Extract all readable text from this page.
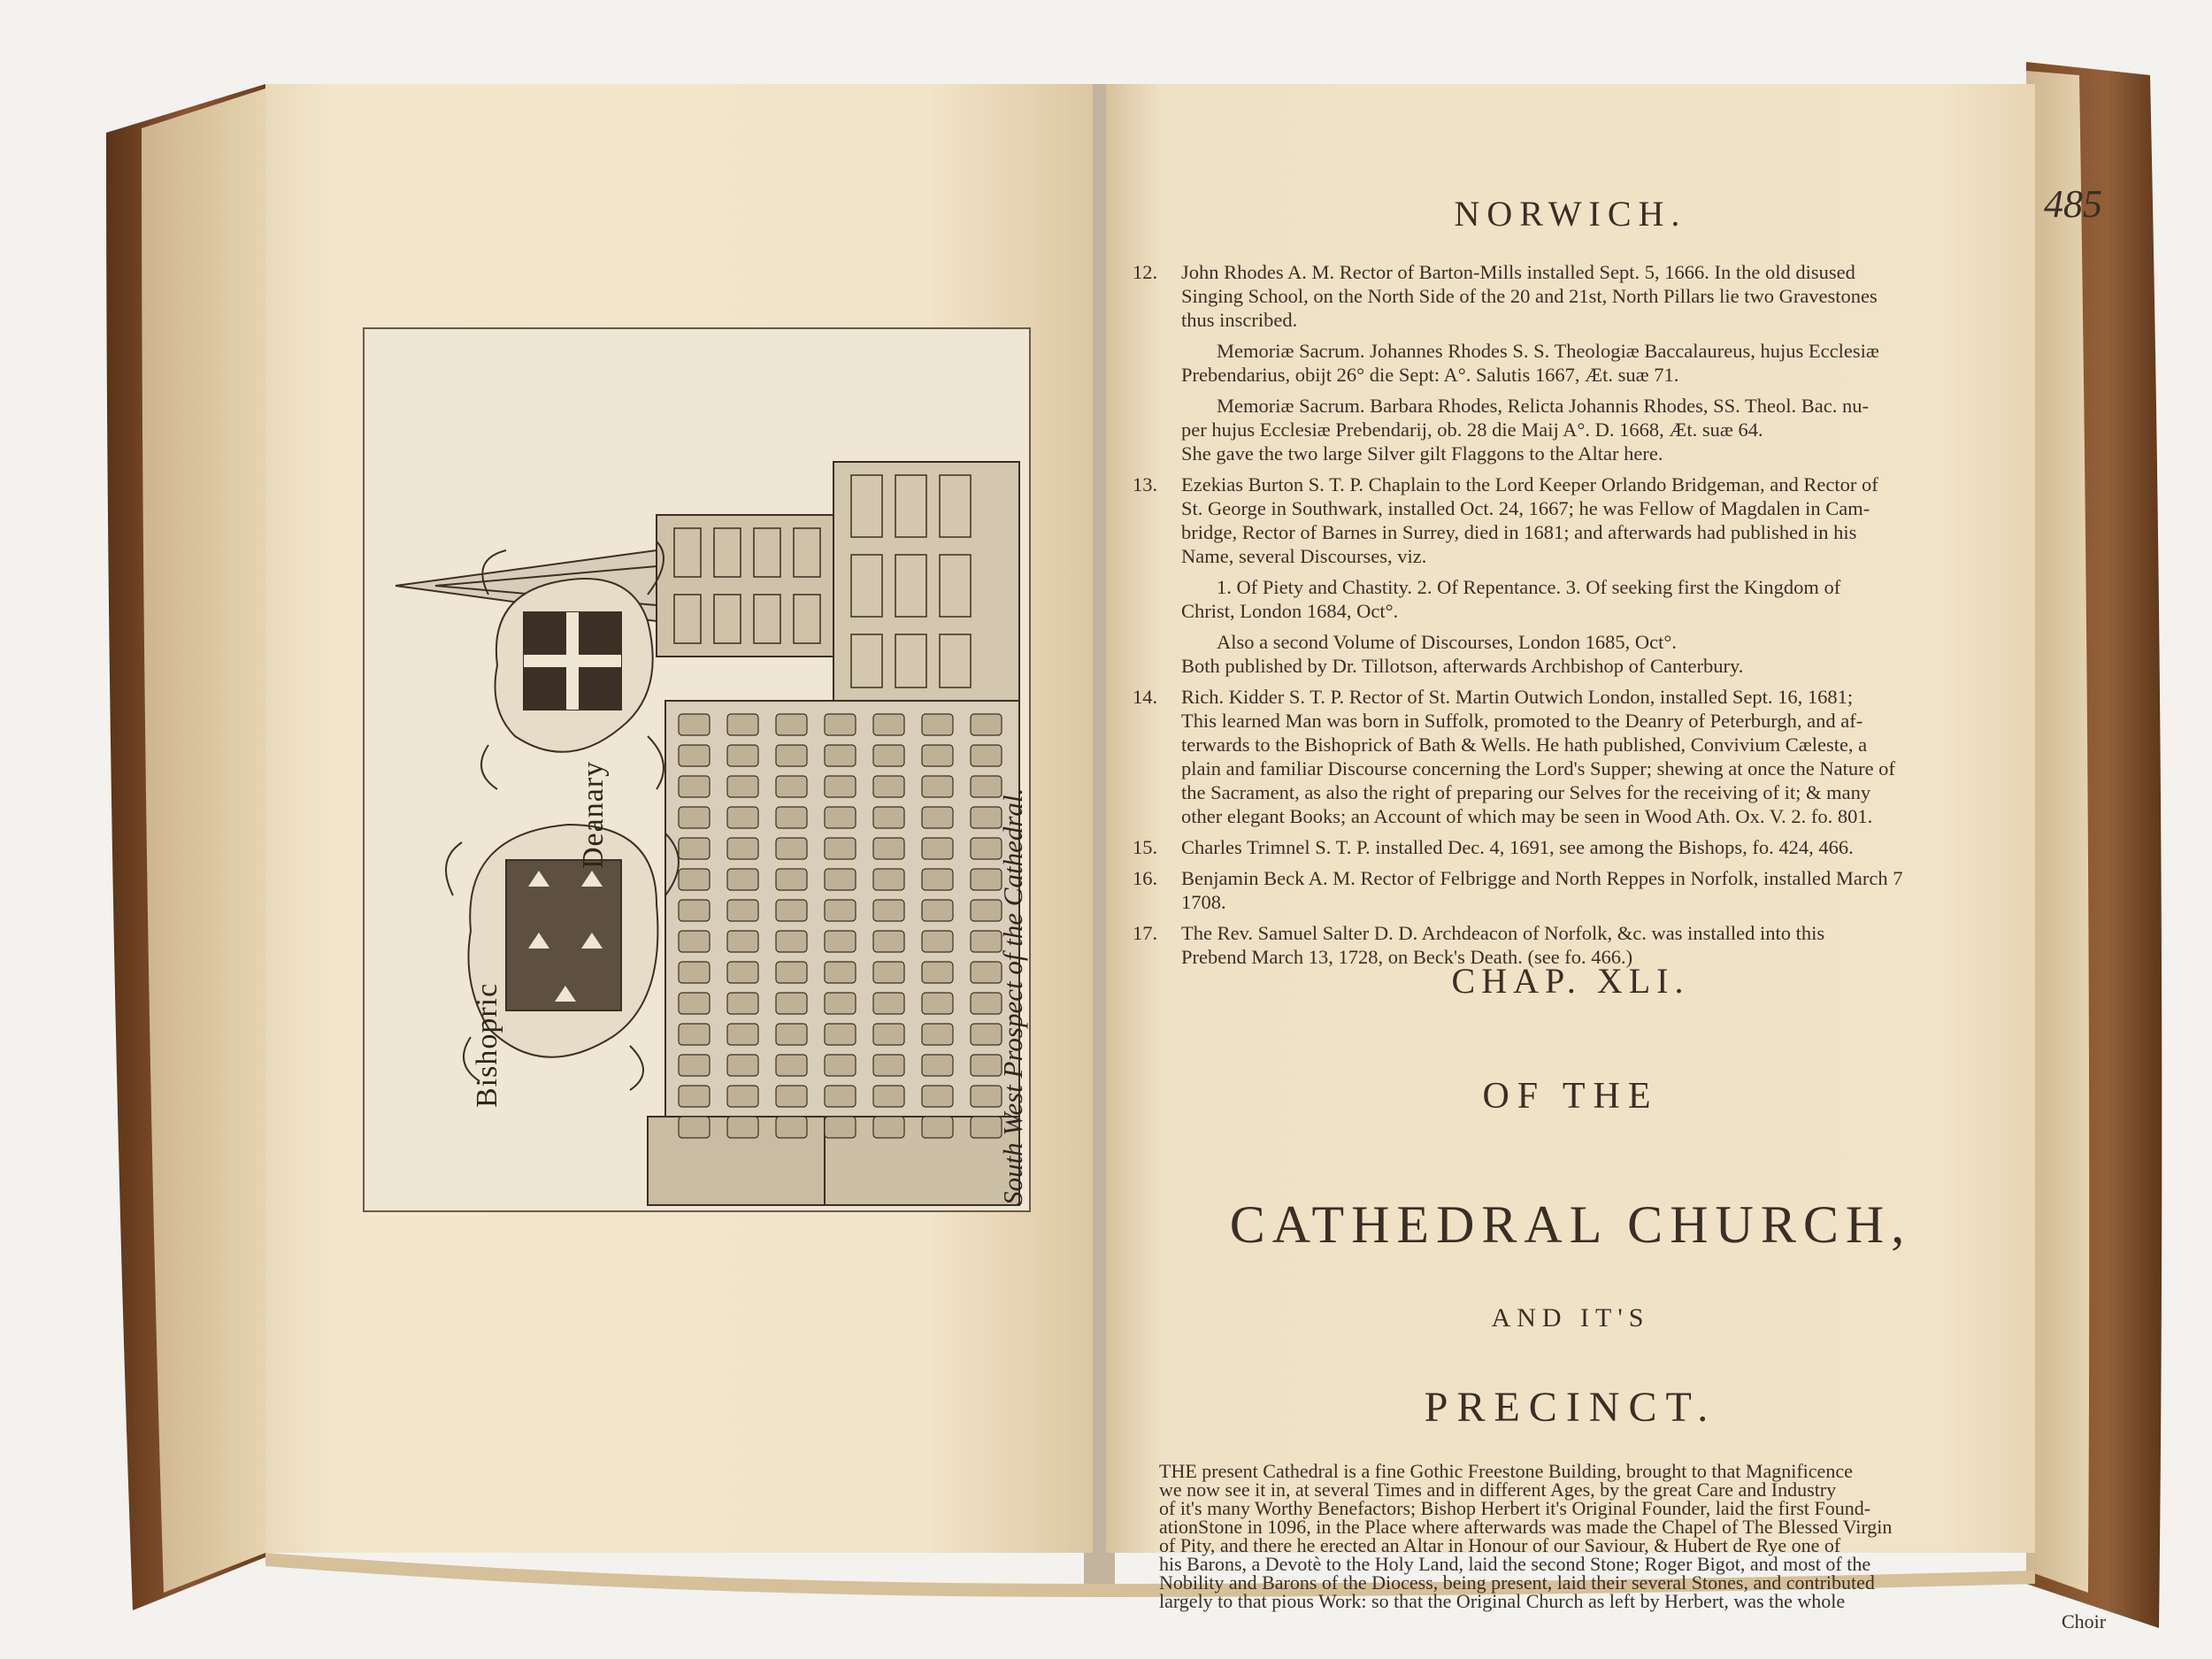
South West Prospect of the Cathedral.
Bishopric
Deanary
NORWICH.	485
12. John Rhodes A. M. Rector of Barton-Mills installed Sept. 5, 1666. In the old disused
Singing School, on the North Side of the 20 and 21st, North Pillars lie two Gravestones
thus inscribed.
Memoriæ Sacrum. Johannes Rhodes S. S. Theologiæ Baccalaureus, hujus Ecclesiæ
Prebendarius, obijt 26° die Sept: A°. Salutis 1667, Æt. suæ 71.
Memoriæ Sacrum. Barbara Rhodes, Relicta Johannis Rhodes, SS. Theol. Bac. nu-
per hujus Ecclesiæ Prebendarij, ob. 28 die Maij A°. D. 1668, Æt. suæ 64.
She gave the two large Silver gilt Flaggons to the Altar here.
13. Ezekias Burton S. T. P. Chaplain to the Lord Keeper Orlando Bridgeman, and Rector of
St. George in Southwark, installed Oct. 24, 1667; he was Fellow of Magdalen in Cam-
bridge, Rector of Barnes in Surrey, died in 1681; and afterwards had published in his
Name, several Discourses, viz.
1. Of Piety and Chastity. 2. Of Repentance. 3. Of seeking first the Kingdom of
Christ, London 1684, Oct°.
Also a second Volume of Discourses, London 1685, Oct°.
Both published by Dr. Tillotson, afterwards Archbishop of Canterbury.
14. Rich. Kidder S. T. P. Rector of St. Martin Outwich London, installed Sept. 16, 1681;
This learned Man was born in Suffolk, promoted to the Deanry of Peterburgh, and af-
terwards to the Bishoprick of Bath & Wells. He hath published, Convivium Cæleste, a
plain and familiar Discourse concerning the Lord's Supper; shewing at once the Nature of
the Sacrament, as also the right of preparing our Selves for the receiving of it; & many
other elegant Books; an Account of which may be seen in Wood Ath. Ox. V. 2. fo. 801.
15. Charles Trimnel S. T. P. installed Dec. 4, 1691, see among the Bishops, fo. 424, 466.
16. Benjamin Beck A. M. Rector of Felbrigge and North Reppes in Norfolk, installed March 7
1708.
17. The Rev. Samuel Salter D. D. Archdeacon of Norfolk, &c. was installed into this
Prebend March 13, 1728, on Beck's Death. (see fo. 466.)
CHAP. XLI.
OF THE
CATHEDRAL CHURCH,
AND IT'S
PRECINCT.
THE present Cathedral is a fine Gothic Freestone Building, brought to that Magnificence
we now see it in, at several Times and in different Ages, by the great Care and Industry
of it's many Worthy Benefactors; Bishop Herbert it's Original Founder, laid the first Found-
ationStone in 1096, in the Place where afterwards was made the Chapel of The Blessed Virgin
of Pity, and there he erected an Altar in Honour of our Saviour, & Hubert de Rye one of
his Barons, a Devotè to the Holy Land, laid the second Stone; Roger Bigot, and most of the
Nobility and Barons of the Diocess, being present, laid their several Stones, and contributed
largely to that pious Work: so that the Original Church as left by Herbert, was the whole
Choir
